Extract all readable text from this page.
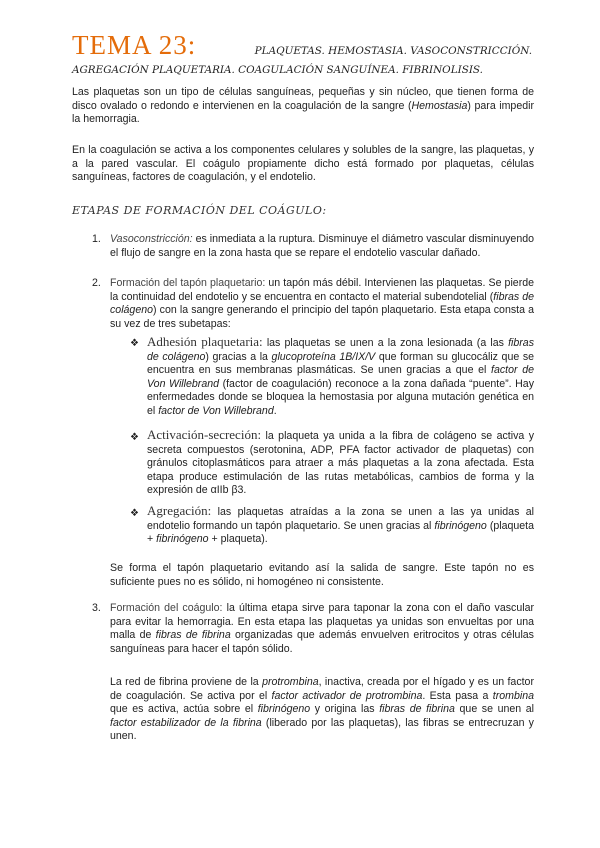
TEMA 23:	PLAQUETAS. HEMOSTASIA. VASOCONSTRICCIÓN.
AGREGACIÓN PLAQUETARIA. COAGULACIÓN SANGUÍNEA. FIBRINOLISIS.
Las plaquetas son un tipo de células sanguíneas, pequeñas y sin núcleo, que tienen forma de disco ovalado o redondo e intervienen en la coagulación de la sangre (Hemostasia) para impedir la hemorragia.
En la coagulación se activa a los componentes celulares y solubles de la sangre, las plaquetas, y a la pared vascular. El coágulo propiamente dicho está formado por plaquetas, células sanguíneas, factores de coagulación, y el endotelio.
ETAPAS DE FORMACIÓN DEL COÁGULO:
1. Vasoconstricción: es inmediata a la ruptura. Disminuye el diámetro vascular disminuyendo el flujo de sangre en la zona hasta que se repare el endotelio vascular dañado.
2. Formación del tapón plaquetario: un tapón más débil. Intervienen las plaquetas. Se pierde la continuidad del endotelio y se encuentra en contacto el material subendotelial (fibras de colágeno) con la sangre generando el principio del tapón plaquetario. Esta etapa consta a su vez de tres subetapas:
❖ Adhesión plaquetaria: las plaquetas se unen a la zona lesionada (a las fibras de colágeno) gracias a la glucoproteína 1B/IX/V que forman su glucocáliz que se encuentra en sus membranas plasmáticas. Se unen gracias a que el factor de Von Willebrand (factor de coagulación) reconoce a la zona dañada “puente”. Hay enfermedades donde se bloquea la hemostasia por alguna mutación genética en el factor de Von Willebrand.
❖ Activación-secreción: la plaqueta ya unida a la fibra de colágeno se activa y secreta compuestos (serotonina, ADP, PFA factor activador de plaquetas) con gránulos citoplasmáticos para atraer a más plaquetas a la zona afectada. Esta etapa produce estimulación de las rutas metabólicas, cambios de forma y la expresión de αIIb β3.
❖ Agregación: las plaquetas atraídas a la zona se unen a las ya unidas al endotelio formando un tapón plaquetario. Se unen gracias al fibrinógeno (plaqueta + fibrinógeno + plaqueta).
Se forma el tapón plaquetario evitando así la salida de sangre. Este tapón no es suficiente pues no es sólido, ni homogéneo ni consistente.
3. Formación del coágulo: la última etapa sirve para taponar la zona con el daño vascular para evitar la hemorragia. En esta etapa las plaquetas ya unidas son envueltas por una malla de fibras de fibrina organizadas que además envuelven eritrocitos y otras células sanguíneas para hacer el tapón sólido.
La red de fibrina proviene de la protrombina, inactiva, creada por el hígado y es un factor de coagulación. Se activa por el factor activador de protrombina. Esta pasa a trombina que es activa, actúa sobre el fibrinógeno y origina las fibras de fibrina que se unen al factor estabilizador de la fibrina (liberado por las plaquetas), las fibras se entrecruzan y unen.
